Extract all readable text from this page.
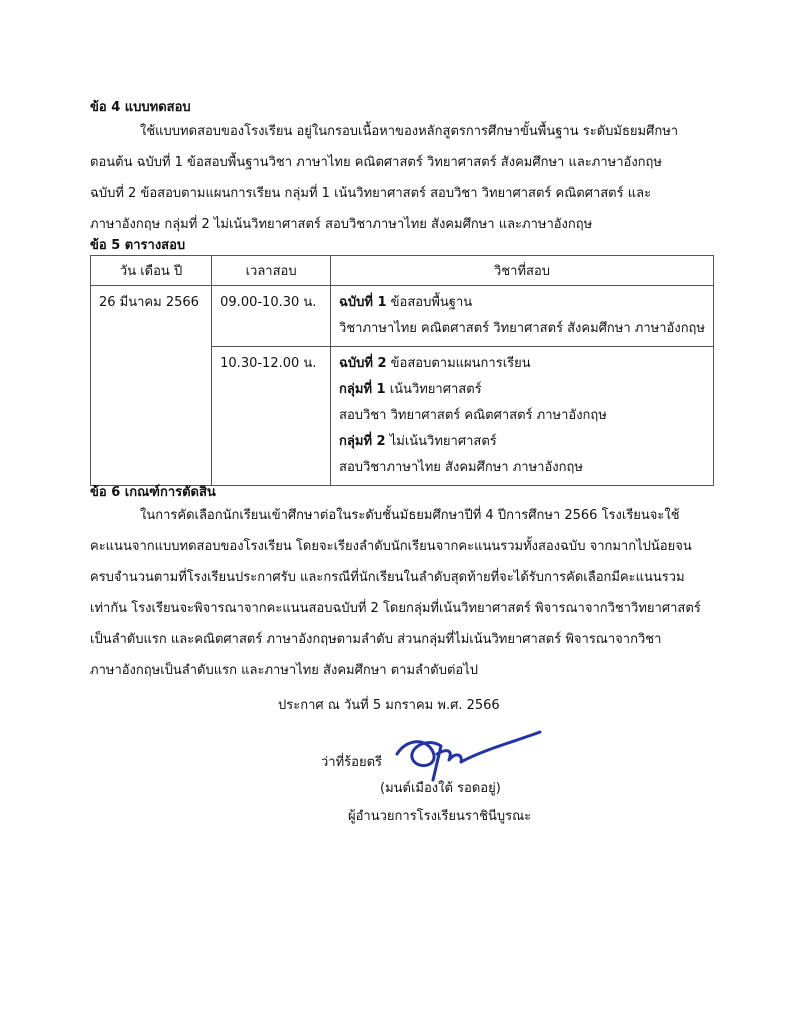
ข้อ 4 แบบทดสอบ
ใช้แบบทดสอบของโรงเรียน อยู่ในกรอบเนื้อหาของหลักสูตรการศึกษาขั้นพื้นฐาน ระดับมัธยมศึกษา
ตอนต้น ฉบับที่ 1 ข้อสอบพื้นฐานวิชา ภาษาไทย คณิตศาสตร์ วิทยาศาสตร์ สังคมศึกษา และภาษาอังกฤษ
ฉบับที่ 2 ข้อสอบตามแผนการเรียน กลุ่มที่ 1 เน้นวิทยาศาสตร์ สอบวิชา วิทยาศาสตร์ คณิตศาสตร์ และ
ภาษาอังกฤษ กลุ่มที่ 2 ไม่เน้นวิทยาศาสตร์ สอบวิชาภาษาไทย สังคมศึกษา และภาษาอังกฤษ
ข้อ 5 ตารางสอบ
วัน เดือน ปี	เวลาสอบ	วิชาที่สอบ

26 มีนาคม 2566	09.00-10.30 น.	ฉบับที่ 1 ข้อสอบพื้นฐาน
วิชาภาษาไทย คณิตศาสตร์ วิทยาศาสตร์ สังคมศึกษา ภาษาอังกฤษ

	10.30-12.00 น.	ฉบับที่ 2 ข้อสอบตามแผนการเรียน
กลุ่มที่ 1 เน้นวิทยาศาสตร์
สอบวิชา วิทยาศาสตร์ คณิตศาสตร์ ภาษาอังกฤษ
กลุ่มที่ 2 ไม่เน้นวิทยาศาสตร์
สอบวิชาภาษาไทย สังคมศึกษา ภาษาอังกฤษ
ข้อ 6 เกณฑ์การตัดสิน
ในการคัดเลือกนักเรียนเข้าศึกษาต่อในระดับชั้นมัธยมศึกษาปีที่ 4 ปีการศึกษา 2566 โรงเรียนจะใช้
คะแนนจากแบบทดสอบของโรงเรียน โดยจะเรียงลำดับนักเรียนจากคะแนนรวมทั้งสองฉบับ จากมากไปน้อยจน
ครบจำนวนตามที่โรงเรียนประกาศรับ และกรณีที่นักเรียนในลำดับสุดท้ายที่จะได้รับการคัดเลือกมีคะแนนรวม
เท่ากัน โรงเรียนจะพิจารณาจากคะแนนสอบฉบับที่ 2 โดยกลุ่มที่เน้นวิทยาศาสตร์ พิจารณาจากวิชาวิทยาศาสตร์
เป็นลำดับแรก และคณิตศาสตร์ ภาษาอังกฤษตามลำดับ ส่วนกลุ่มที่ไม่เน้นวิทยาศาสตร์ พิจารณาจากวิชา
ภาษาอังกฤษเป็นลำดับแรก และภาษาไทย สังคมศึกษา ตามลำดับต่อไป
ประกาศ ณ วันที่ 5 มกราคม พ.ศ. 2566
ว่าที่ร้อยตรี
(มนต์เมืองใต้ รอดอยู่)
ผู้อำนวยการโรงเรียนราชินีบูรณะ
